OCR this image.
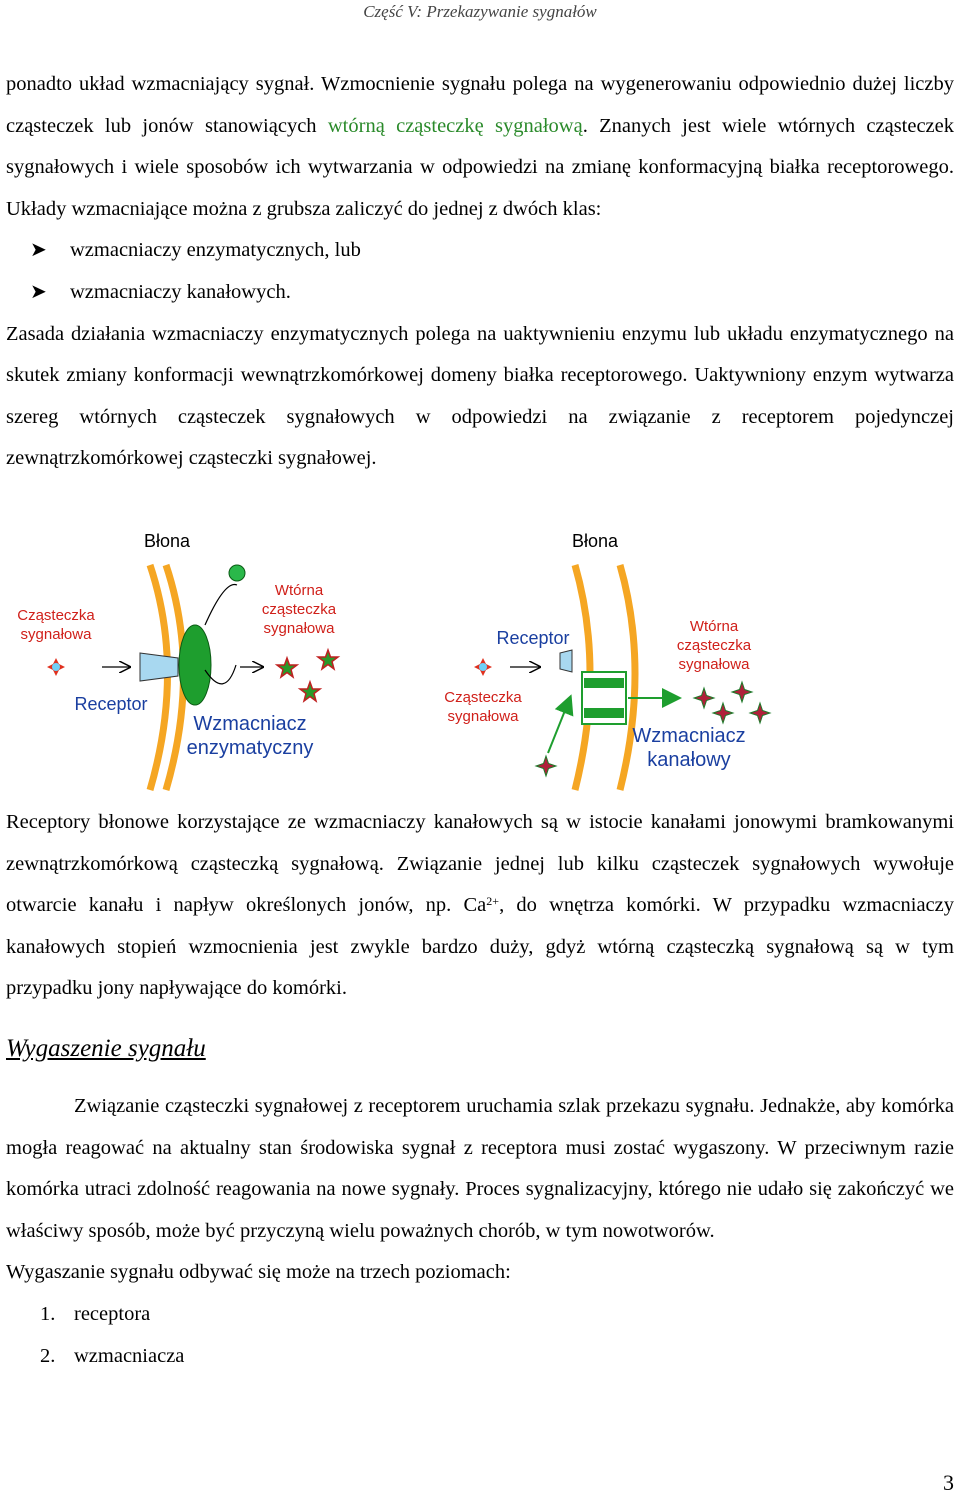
Część V: Przekazywanie sygnałów
ponadto układ wzmacniający sygnał. Wzmocnienie sygnału polega na wygenerowaniu odpowiednio dużej liczby cząsteczek lub jonów stanowiących wtórną cząsteczkę sygnałową. Znanych jest wiele wtórnych cząsteczek sygnałowych i wiele sposobów ich wytwarzania w odpowiedzi na zmianę konformacyjną białka receptorowego. Układy wzmacniające można z grubsza zaliczyć do jednej z dwóch klas:
➤ wzmacniaczy enzymatycznych, lub
➤ wzmacniaczy kanałowych.
Zasada działania wzmacniaczy enzymatycznych polega na uaktywnieniu enzymu lub układu enzymatycznego na skutek zmiany konformacji wewnątrzkomórkowej domeny białka receptorowego. Uaktywniony enzym wytwarza szereg wtórnych cząsteczek sygnałowych w odpowiedzi na związanie z receptorem pojedynczej zewnątrzkomórkowej cząsteczki sygnałowej.
Błona
Cząsteczka
sygnałowa
Receptor
Wtórna
cząsteczka
sygnałowa
Wzmacniacz
enzymatyczny
Błona
Receptor
Cząsteczka
sygnałowa
Wtórna
cząsteczka
sygnałowa
Wzmacniacz
kanałowy
Receptory błonowe korzystające ze wzmacniaczy kanałowych są w istocie kanałami jonowymi bramkowanymi zewnątrzkomórkową cząsteczką sygnałową. Związanie jednej lub kilku cząsteczek sygnałowych wywołuje otwarcie kanału i napływ określonych jonów, np. $Ca^{2+}$, do wnętrza komórki. W przypadku wzmacniaczy kanałowych stopień wzmocnienia jest zwykle bardzo duży, gdyż wtórną cząsteczką sygnałową są w tym przypadku jony napływające do komórki.
Wygaszenie sygnału
Związanie cząsteczki sygnałowej z receptorem uruchamia szlak przekazu sygnału. Jednakże, aby komórka mogła reagować na aktualny stan środowiska sygnał z receptora musi zostać wygaszony. W przeciwnym razie komórka utraci zdolność reagowania na nowe sygnały. Proces sygnalizacyjny, którego nie udało się zakończyć we właściwy sposób, może być przyczyną wielu poważnych chorób, w tym nowotworów.
Wygaszanie sygnału odbywać się może na trzech poziomach:
1. receptora
2. wzmacniacza
3
